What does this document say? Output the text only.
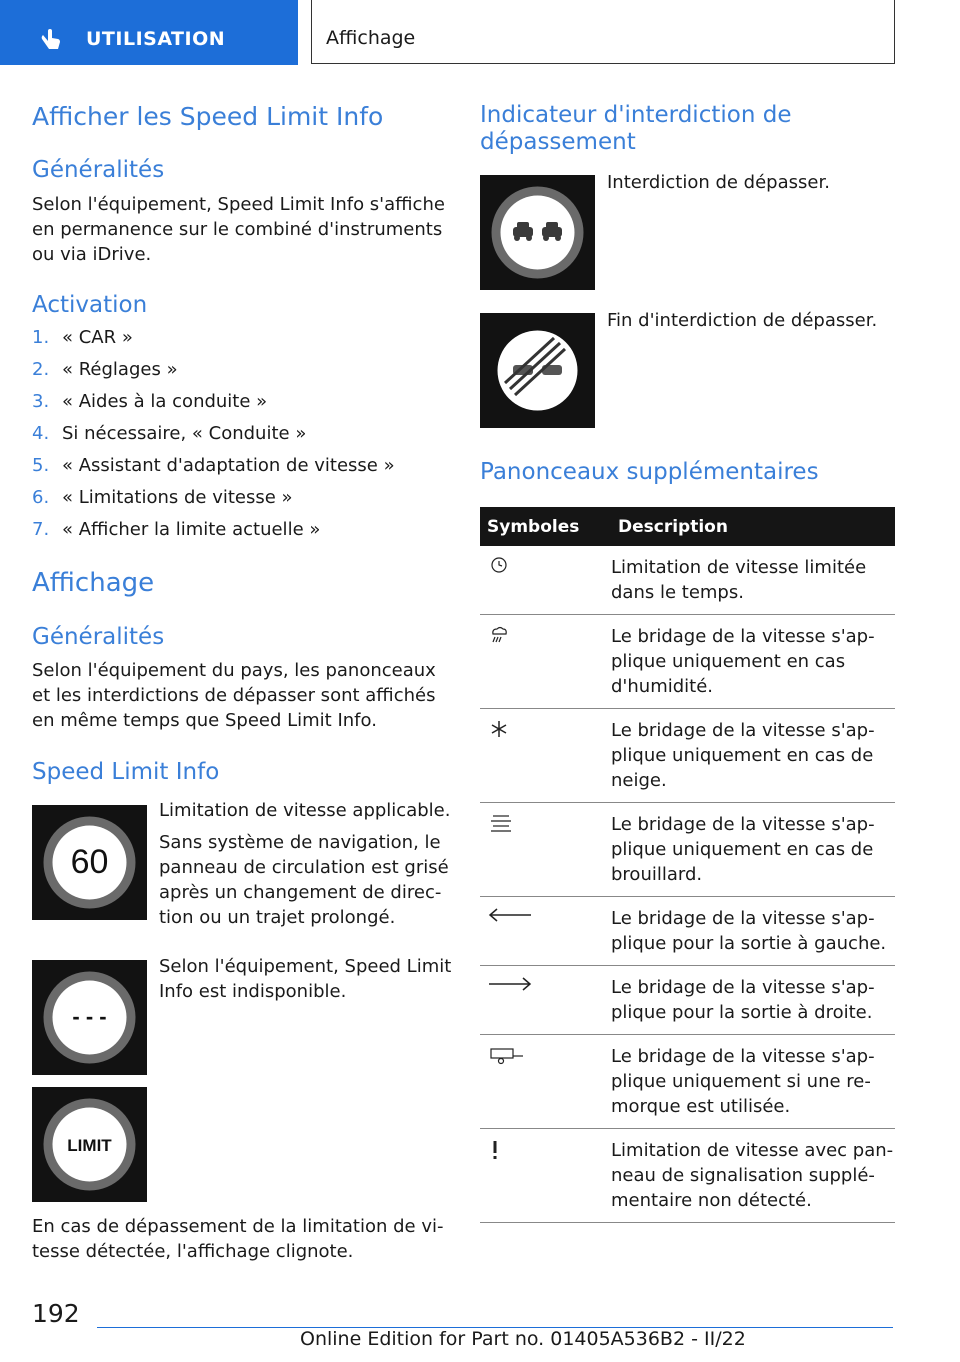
UTILISATION	Affichage
Afficher les Speed Limit Info
Généralités
Selon l'équipement, Speed Limit Info s'affiche
en permanence sur le combiné d'instruments
ou via iDrive.
Activation
1. « CAR »
2. « Réglages »
3. « Aides à la conduite »
4. Si nécessaire, « Conduite »
5. « Assistant d'adaptation de vitesse »
6. « Limitations de vitesse »
7. « Afficher la limite actuelle »
Affichage
Généralités
Selon l'équipement du pays, les panonceaux
et les interdictions de dépasser sont affichés
en même temps que Speed Limit Info.
Speed Limit Info
60
Limitation de vitesse applicable.
Sans système de navigation, le
panneau de circulation est grisé
après un changement de direc-
tion ou un trajet prolongé.
- - -
Selon l'équipement, Speed Limit
Info est indisponible.
LIMIT
En cas de dépassement de la limitation de vi-
tesse détectée, l'affichage clignote.
Indicateur d'interdiction de
dépassement
Interdiction de dépasser.
Fin d'interdiction de dépasser.
Panonceaux supplémentaires
Symboles	Description

Limitation de vitesse limitée
dans le temps.

Le bridage de la vitesse s'ap-
plique uniquement en cas
d'humidité.

Le bridage de la vitesse s'ap-
plique uniquement en cas de
neige.

Le bridage de la vitesse s'ap-
plique uniquement en cas de
brouillard.

Le bridage de la vitesse s'ap-
plique pour la sortie à gauche.

Le bridage de la vitesse s'ap-
plique pour la sortie à droite.

Le bridage de la vitesse s'ap-
plique uniquement si une re-
morque est utilisée.

Limitation de vitesse avec pan-
neau de signalisation supplé-
mentaire non détecté.
192
Online Edition for Part no. 01405A536B2 - II/22
